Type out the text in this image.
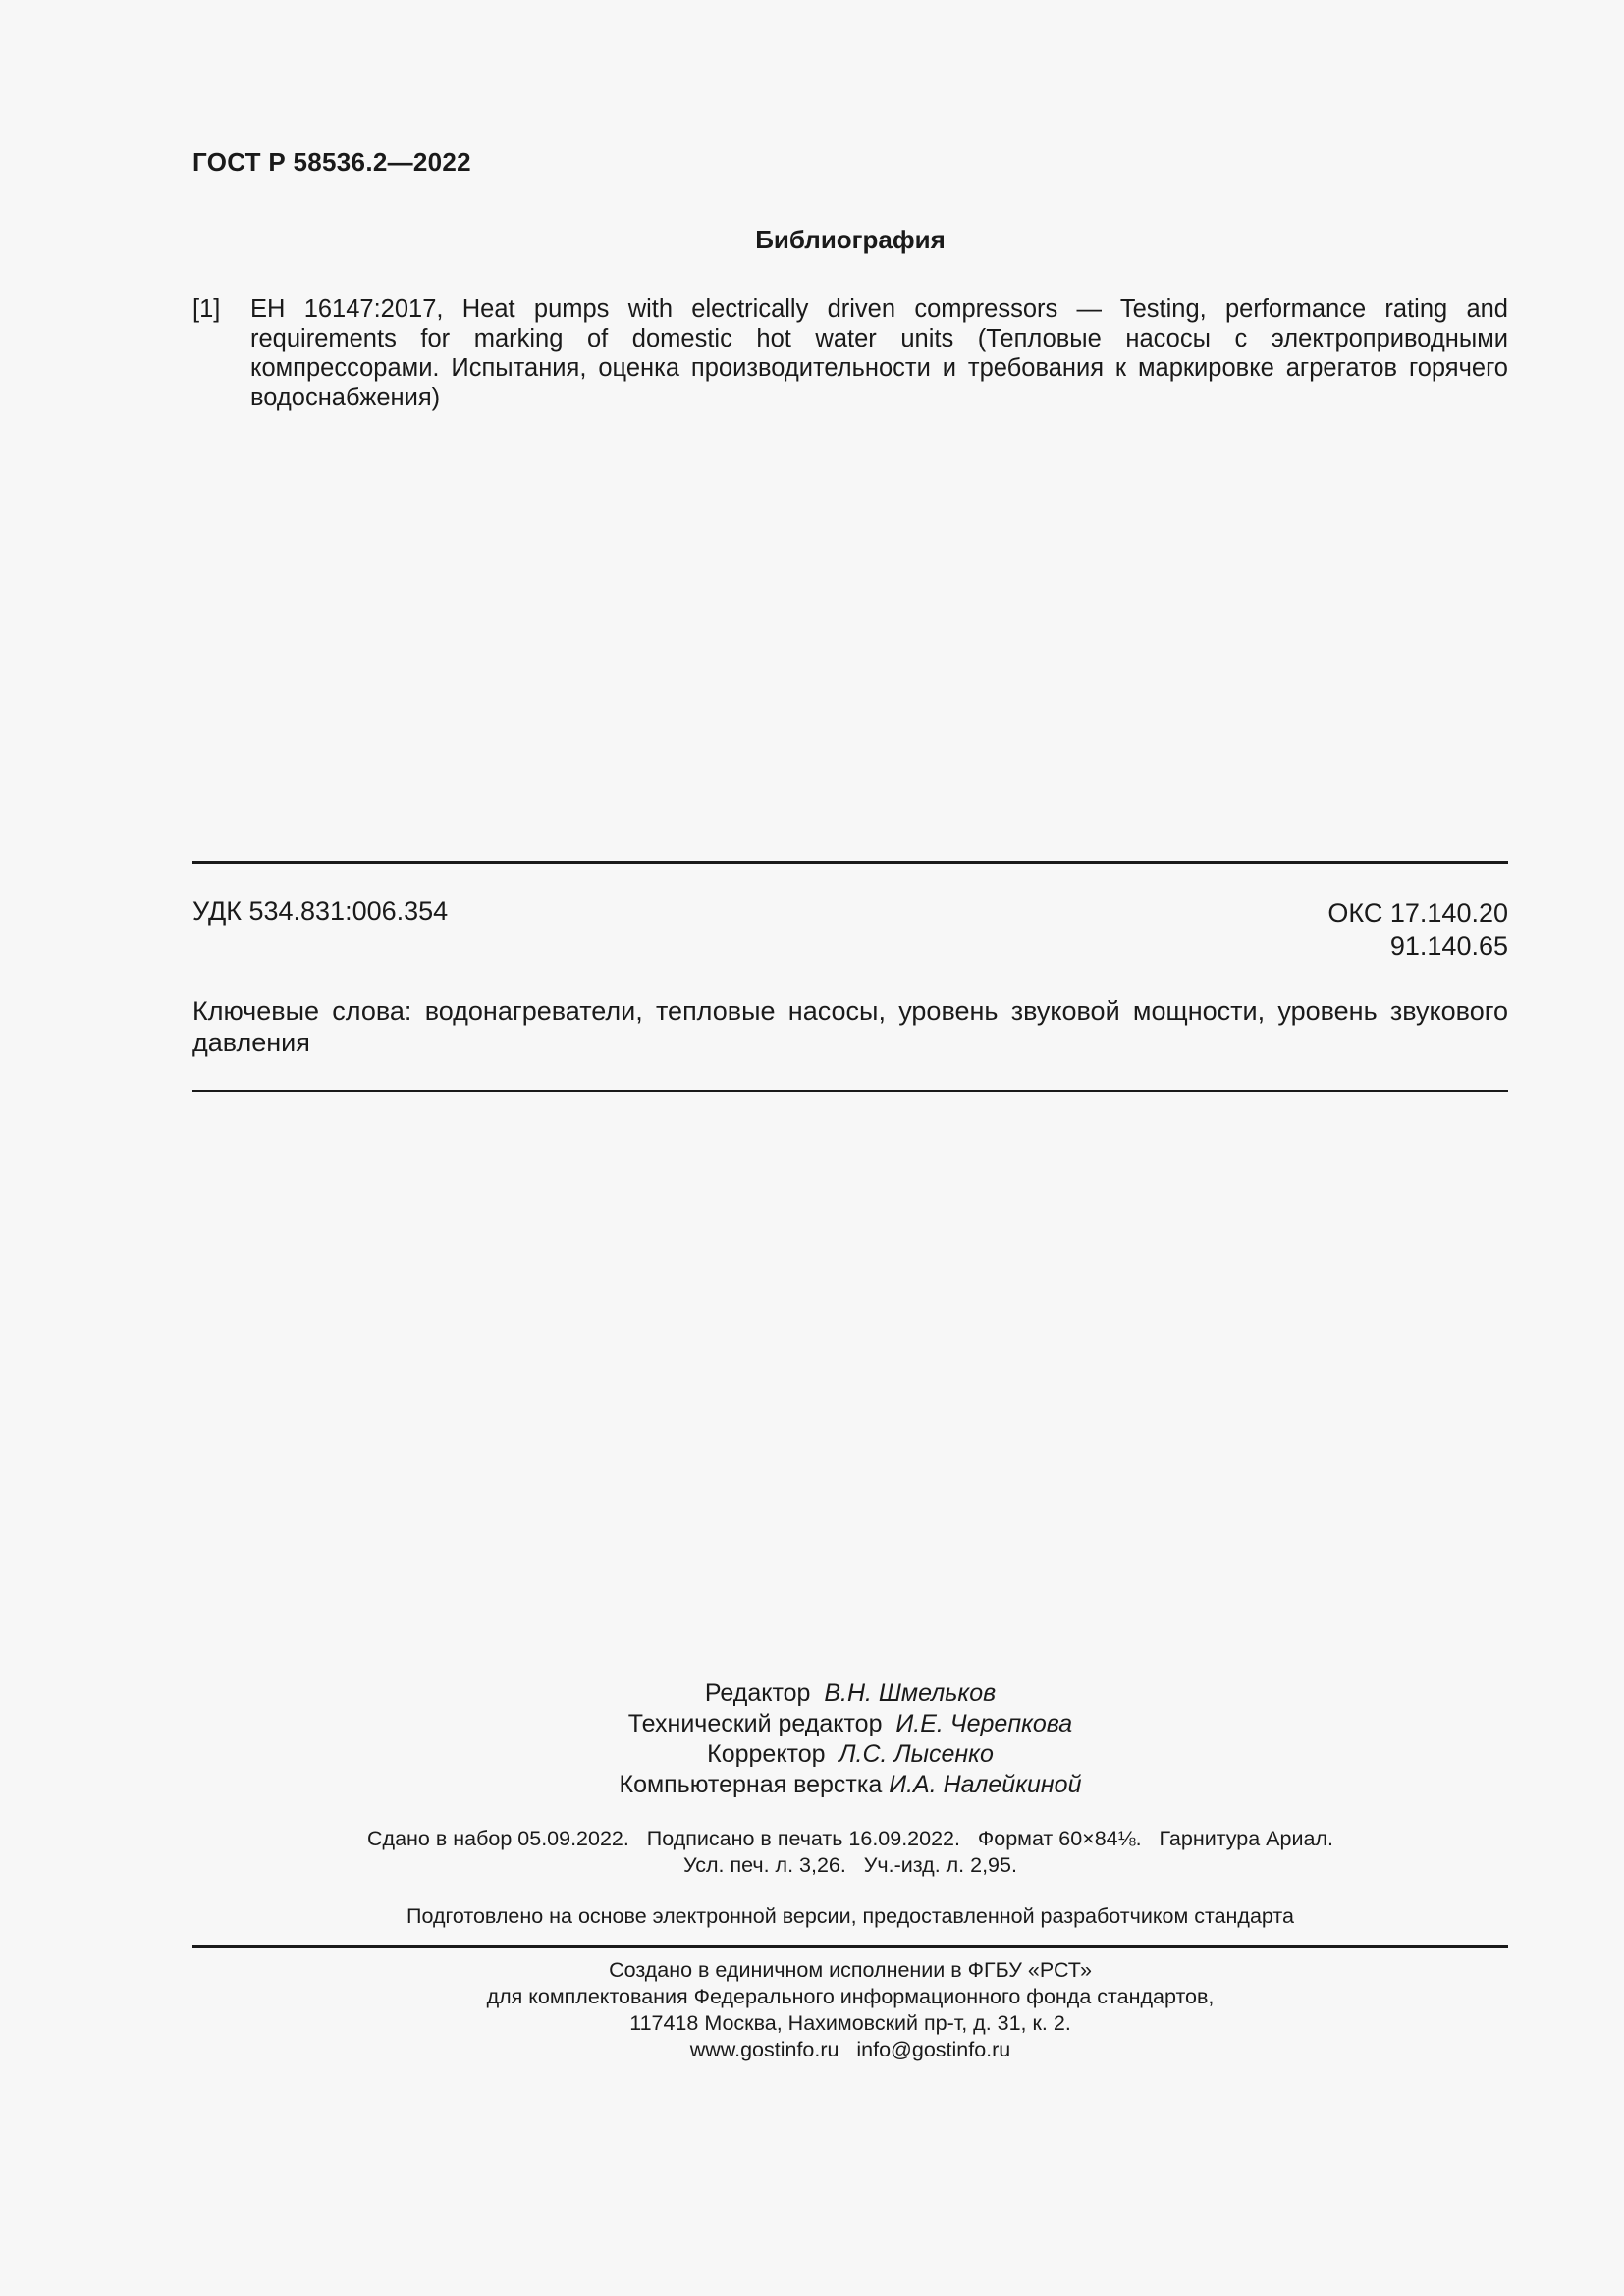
ГОСТ Р 58536.2—2022
Библиография
[1] ЕН 16147:2017, Heat pumps with electrically driven compressors — Testing, performance rating and requirements for marking of domestic hot water units (Тепловые насосы с электроприводными компрессорами. Испытания, оценка производительности и требования к маркировке агрегатов горячего водоснабжения)
УДК 534.831:006.354	ОКС 17.140.20
91.140.65
Ключевые слова: водонагреватели, тепловые насосы, уровень звуковой мощности, уровень звукового давления
Редактор В.Н. Шмельков
Технический редактор И.Е. Черепкова
Корректор Л.С. Лысенко
Компьютерная верстка И.А. Налейкиной
Сдано в набор 05.09.2022.   Подписано в печать 16.09.2022.   Формат 60×84⅛.   Гарнитура Ариал.
Усл. печ. л. 3,26.   Уч.-изд. л. 2,95.
Подготовлено на основе электронной версии, предоставленной разработчиком стандарта
Создано в единичном исполнении в ФГБУ «РСТ»
для комплектования Федерального информационного фонда стандартов,
117418 Москва, Нахимовский пр-т, д. 31, к. 2.
www.gostinfo.ru   info@gostinfo.ru
